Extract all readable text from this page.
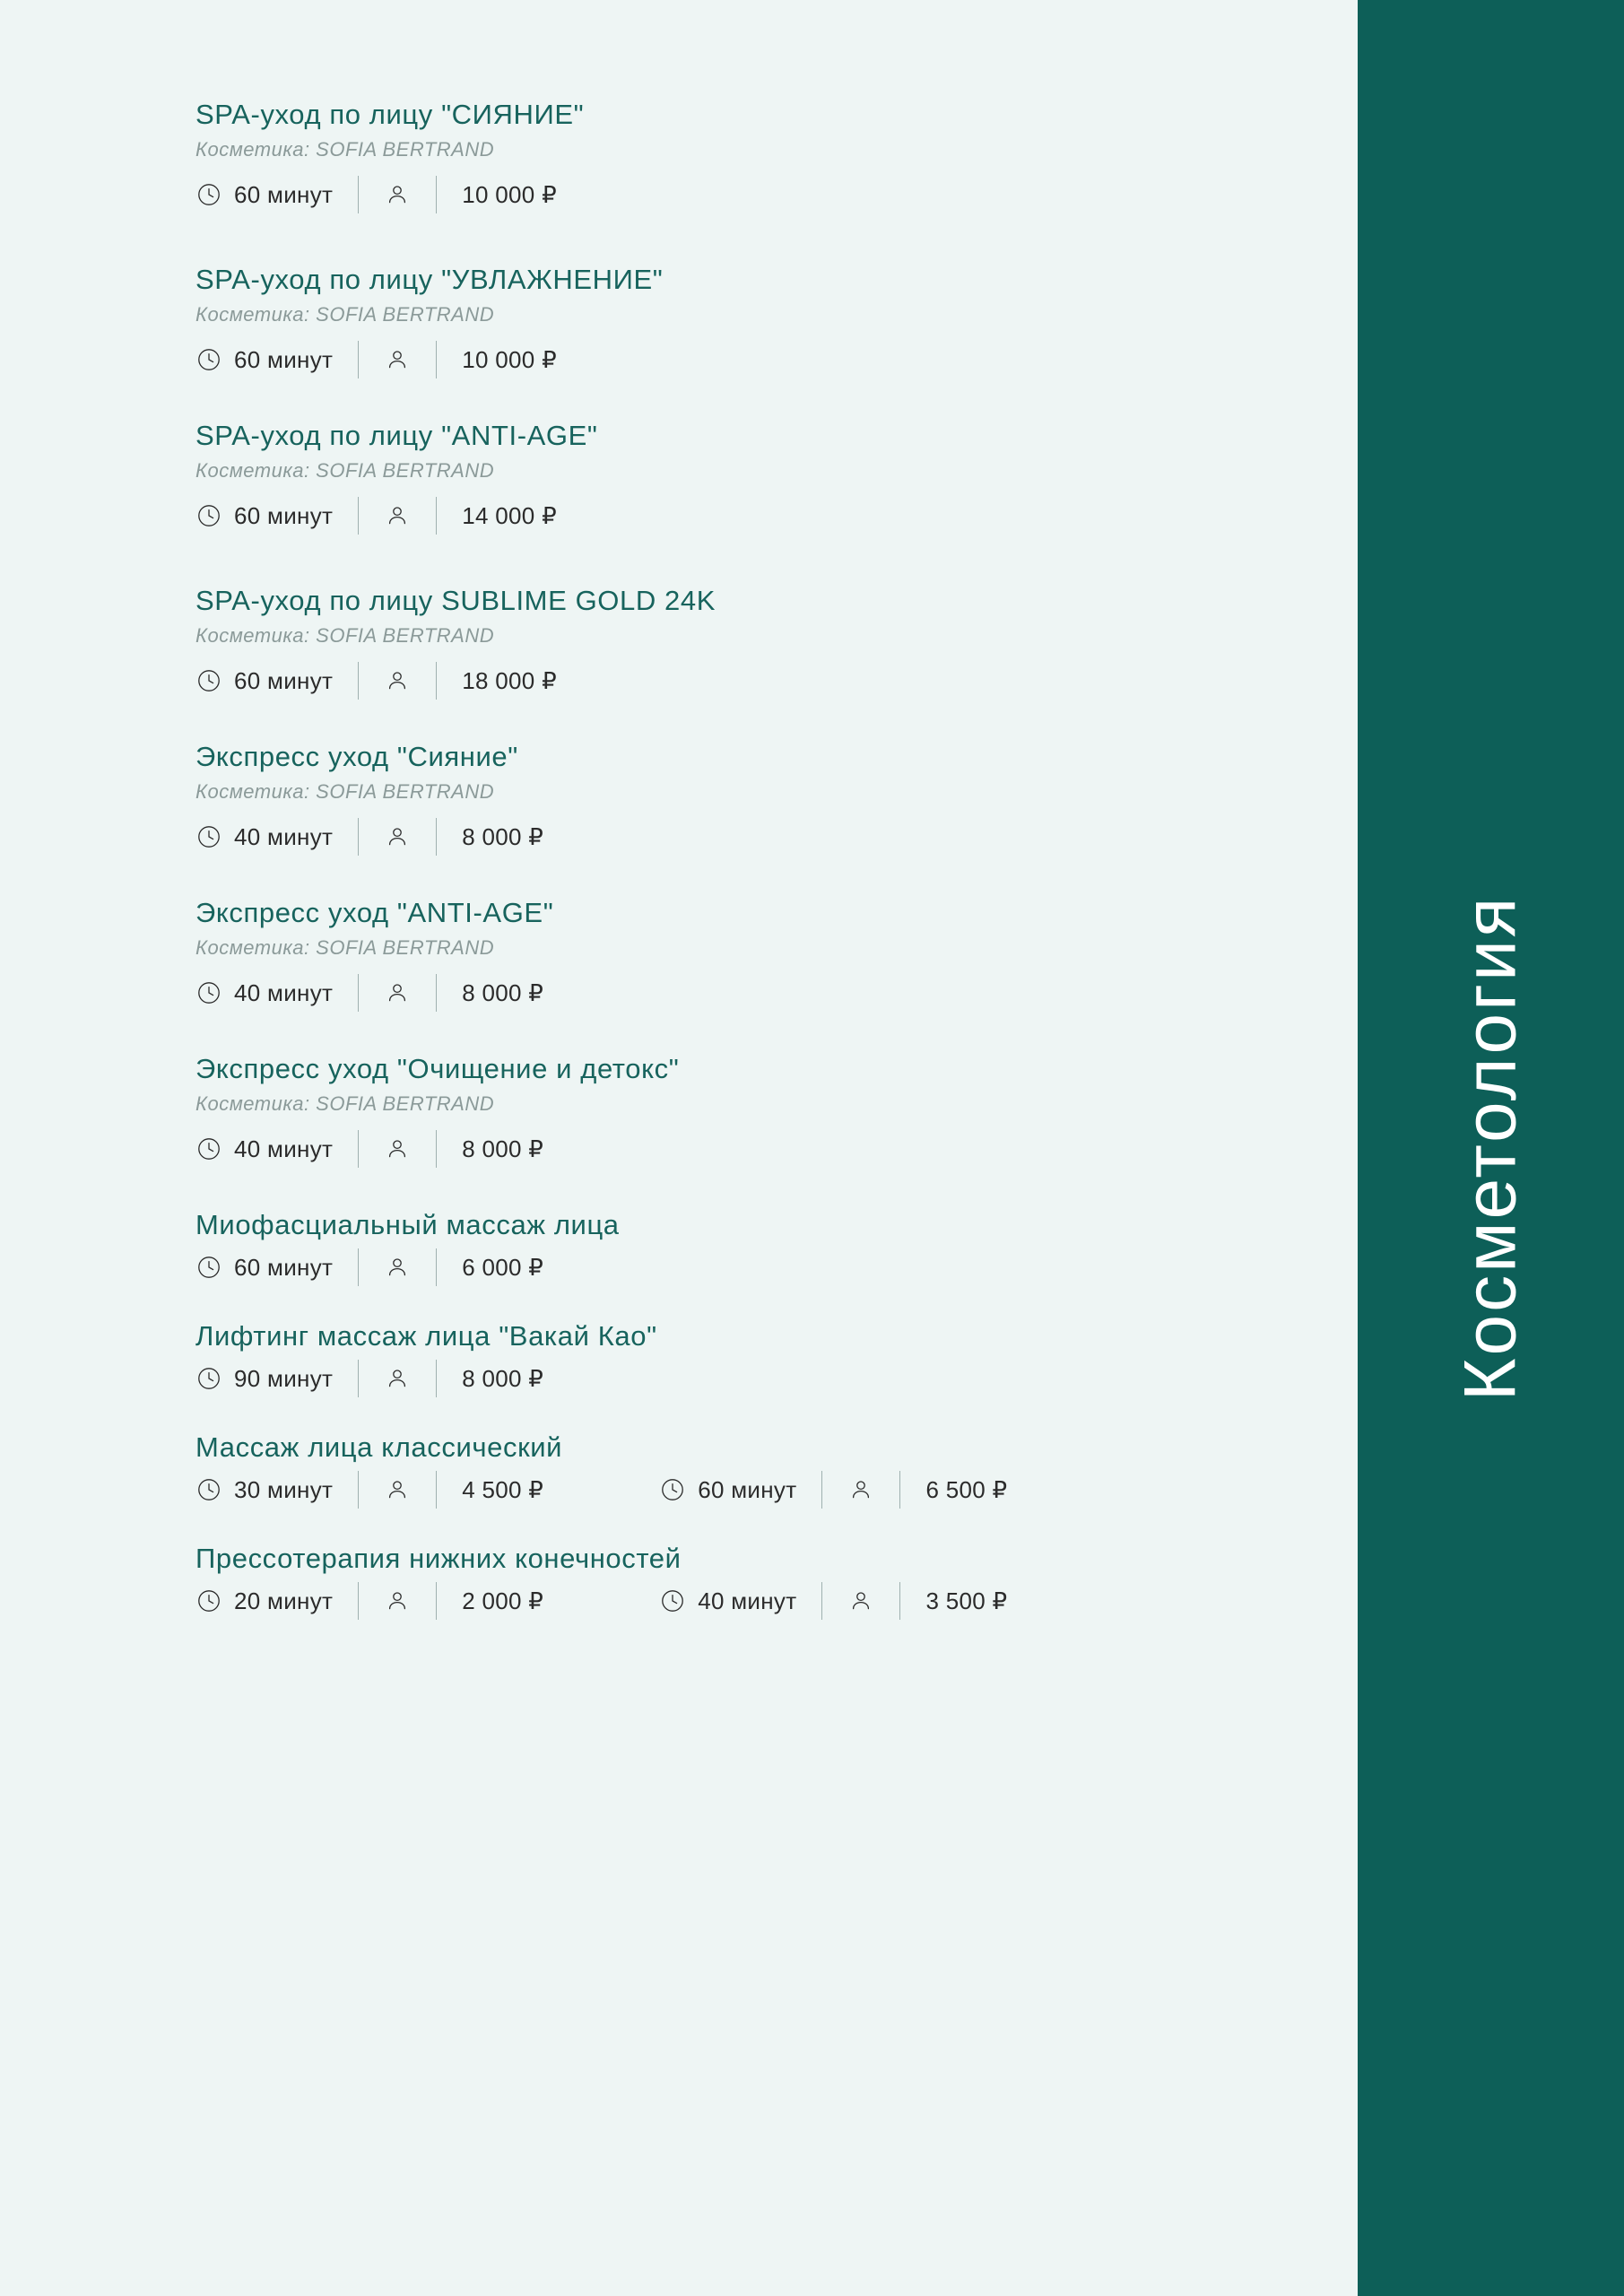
SPA-уход по лицу "СИЯНИЕ"
Косметика: SOFIA BERTRAND
60 минут	10 000 ₽
SPA-уход по лицу "УВЛАЖНЕНИЕ"
Косметика: SOFIA BERTRAND
60 минут	10 000 ₽
SPA-уход по лицу "ANTI-AGE"
Косметика: SOFIA BERTRAND
60 минут	14 000 ₽
SPA-уход по лицу SUBLIME GOLD 24K
Косметика: SOFIA BERTRAND
60 минут	18 000 ₽
Экспресс уход "Сияние"
Косметика: SOFIA BERTRAND
40 минут	8 000 ₽
Экспресс уход "ANTI-AGE"
Косметика: SOFIA BERTRAND
40 минут	8 000 ₽
Экспресс уход "Очищение и детокс"
Косметика: SOFIA BERTRAND
40 минут	8 000 ₽
Миофасциальный массаж лица
60 минут	6 000 ₽
Лифтинг массаж лица "Вакай Као"
90 минут	8 000 ₽
Массаж лица классический
30 минут	4 500 ₽	60 минут	6 500 ₽
Прессотерапия нижних конечностей
20 минут	2 000 ₽	40 минут	3 500 ₽
Косметология
